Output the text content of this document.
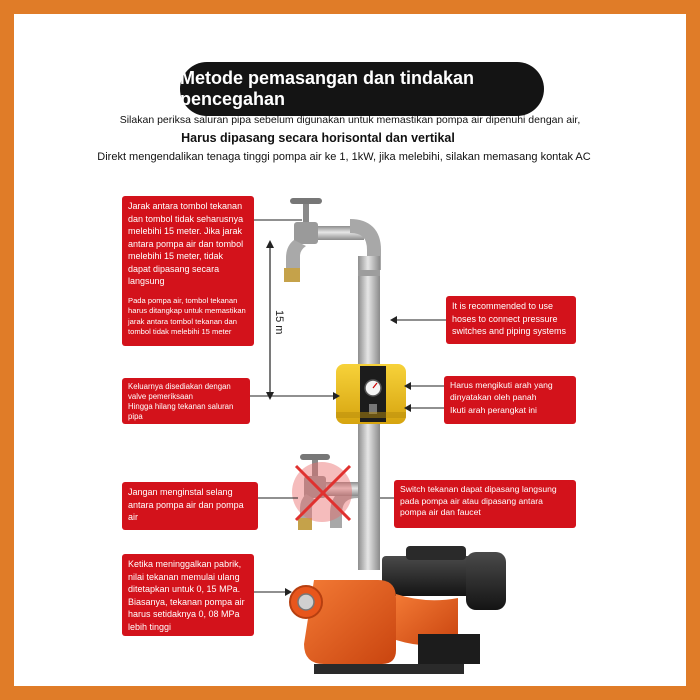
Metode pemasangan dan tindakan pencegahan
Silakan periksa saluran pipa sebelum digunakan untuk memastikan pompa air dipenuhi dengan air,
Harus dipasang secara horisontal dan vertikal
Direkt mengendalikan tenaga tinggi pompa air ke 1, 1kW, jika melebihi, silakan memasang kontak AC
15 m
Jarak antara tombol tekanan dan tombol tidak seharusnya melebihi 15 meter. Jika jarak antara pompa air dan tombol melebihi 15 meter, tidak dapat dipasang secara langsung
Pada pompa air, tombol tekanan harus ditangkap untuk memastikan jarak antara tombol tekanan dan tombol tidak melebihi 15 meter
Keluarnya disediakan dengan valve pemeriksaan
Hingga hilang tekanan saluran pipa
Jangan menginstal selang antara pompa air dan pompa air
Ketika meninggalkan pabrik, nilai tekanan memulai ulang ditetapkan untuk 0, 15 MPa. Biasanya, tekanan pompa air harus setidaknya 0, 08 MPa lebih tinggi
It is recommended to use hoses to connect pressure switches and piping systems
Harus mengikuti arah yang dinyatakan oleh panah
Ikuti arah perangkat ini
Switch tekanan dapat dipasang langsung pada pompa air atau dipasang antara pompa air dan faucet
